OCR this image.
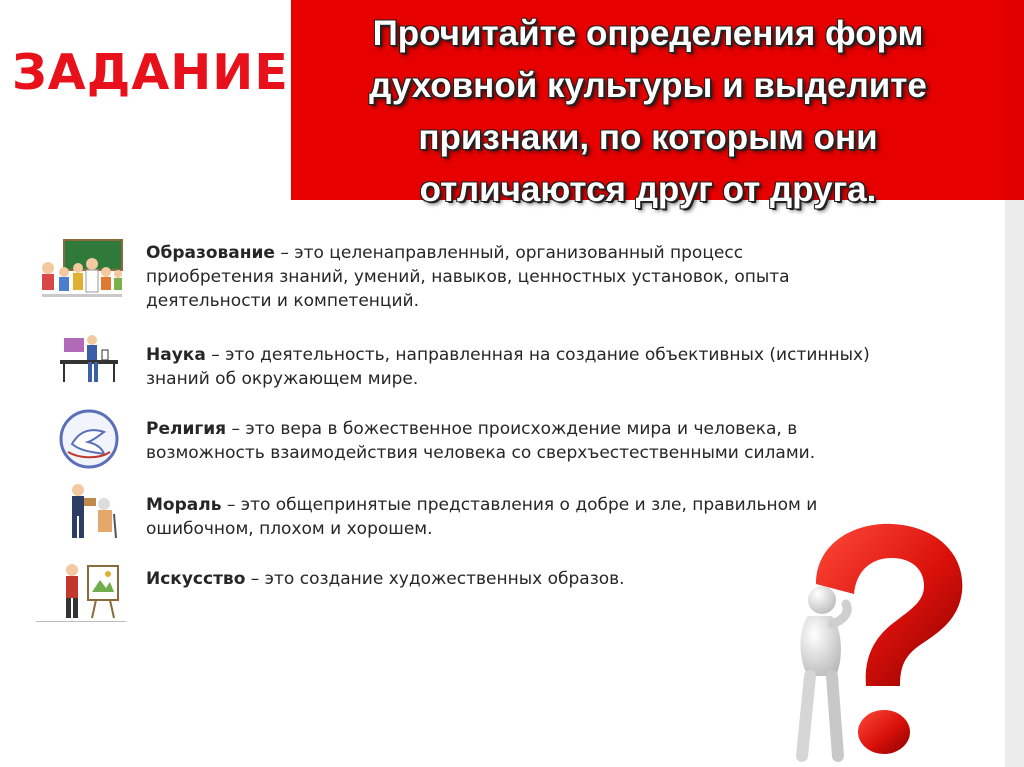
ЗАДАНИЕ
Прочитайте определения форм
духовной культуры и выделите
признаки, по которым они
отличаются друг от друга.
Образование – это целенаправленный, организованный процесс
приобретения знаний, умений, навыков, ценностных установок, опыта
деятельности и компетенций.
Наука – это деятельность, направленная на создание объективных (истинных)
знаний об окружающем мире.
Религия – это вера в божественное происхождение мира и человека, в
возможность взаимодействия человека со сверхъестественными силами.
Мораль – это общепринятые представления о добре и зле, правильном и
ошибочном, плохом и хорошем.
Искусство – это создание художественных образов.
